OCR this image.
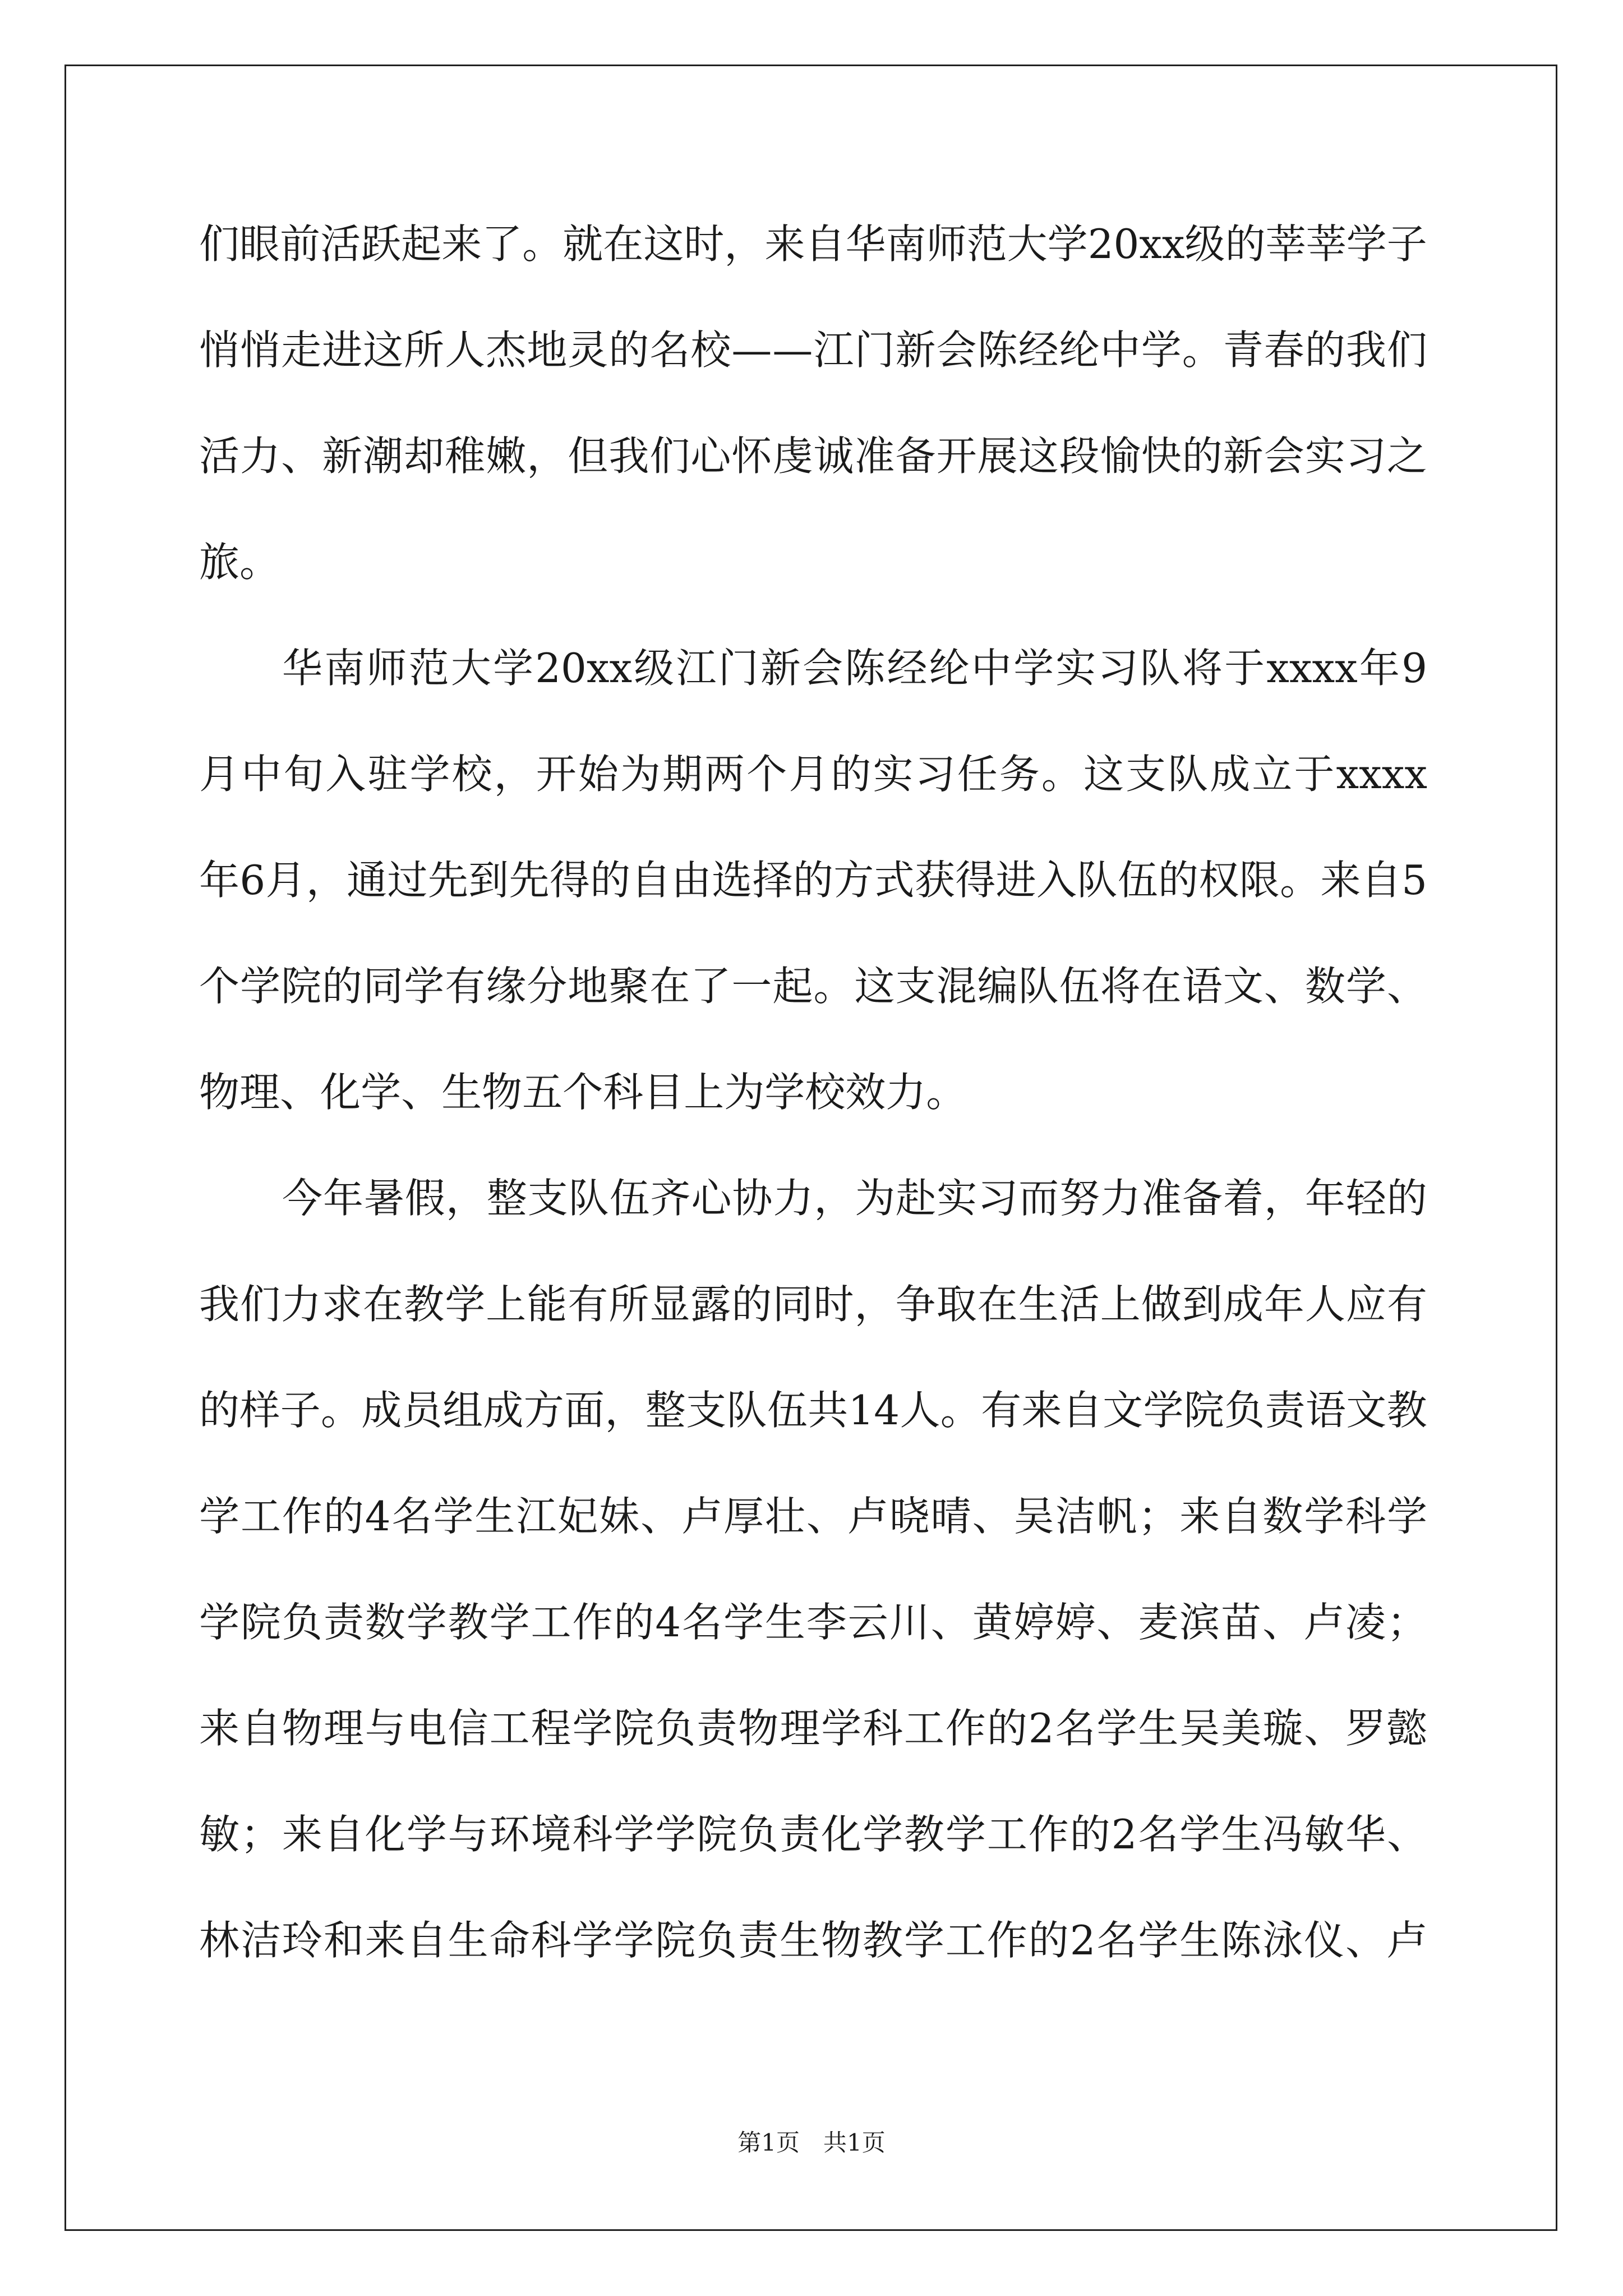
们 眼 前 活 跃 起 来 了 。 就 在 这 时 ， 来 自 华 南 师 范 大 学 20xx 级 的 莘 莘 学 子
悄 悄 走 进 这 所 人 杰 地 灵 的 名 校 — — 江 门 新 会 陈 经 纶 中 学 。 青 春 的 我 们
活 力 、 新 潮 却 稚 嫩 ， 但 我 们 心 怀 虔 诚 准 备 开 展 这 段 愉 快 的 新 会 实 习 之
旅 。
华 南 师 范 大 学 20xx 级 江 门 新 会 陈 经 纶 中 学 实 习 队 将 于 xxxx 年 9
月 中 旬 入 驻 学 校 ， 开 始 为 期 两 个 月 的 实 习 任 务 。 这 支 队 成 立 于 xxxx
年 6 月 ， 通 过 先 到 先 得 的 自 由 选 择 的 方 式 获 得 进 入 队 伍 的 权 限 。 来 自 5
个 学 院 的 同 学 有 缘 分 地 聚 在 了 一 起 。 这 支 混 编 队 伍 将 在 语 文 、 数 学 、
物 理 、 化 学 、 生 物 五 个 科 目 上 为 学 校 效 力 。
今 年 暑 假 ， 整 支 队 伍 齐 心 协 力 ， 为 赴 实 习 而 努 力 准 备 着 ， 年 轻 的
我 们 力 求 在 教 学 上 能 有 所 显 露 的 同 时 ， 争 取 在 生 活 上 做 到 成 年 人 应 有
的 样 子 。 成 员 组 成 方 面 ， 整 支 队 伍 共 14 人 。 有 来 自 文 学 院 负 责 语 文 教
学 工 作 的 4 名 学 生 江 妃 妹 、 卢 厚 壮 、 卢 晓 晴 、 吴 洁 帆 ； 来 自 数 学 科 学
学 院 负 责 数 学 教 学 工 作 的 4 名 学 生 李 云 川 、 黄 婷 婷 、 麦 滨 苗 、 卢 凌 ；
来 自 物 理 与 电 信 工 程 学 院 负 责 物 理 学 科 工 作 的 2 名 学 生 吴 美 璇 、 罗 懿
敏 ； 来 自 化 学 与 环 境 科 学 学 院 负 责 化 学 教 学 工 作 的 2 名 学 生 冯 敏 华 、
林 洁 玲 和 来 自 生 命 科 学 学 院 负 责 生 物 教 学 工 作 的 2 名 学 生 陈 泳 仪 、 卢
第1页 共1页
